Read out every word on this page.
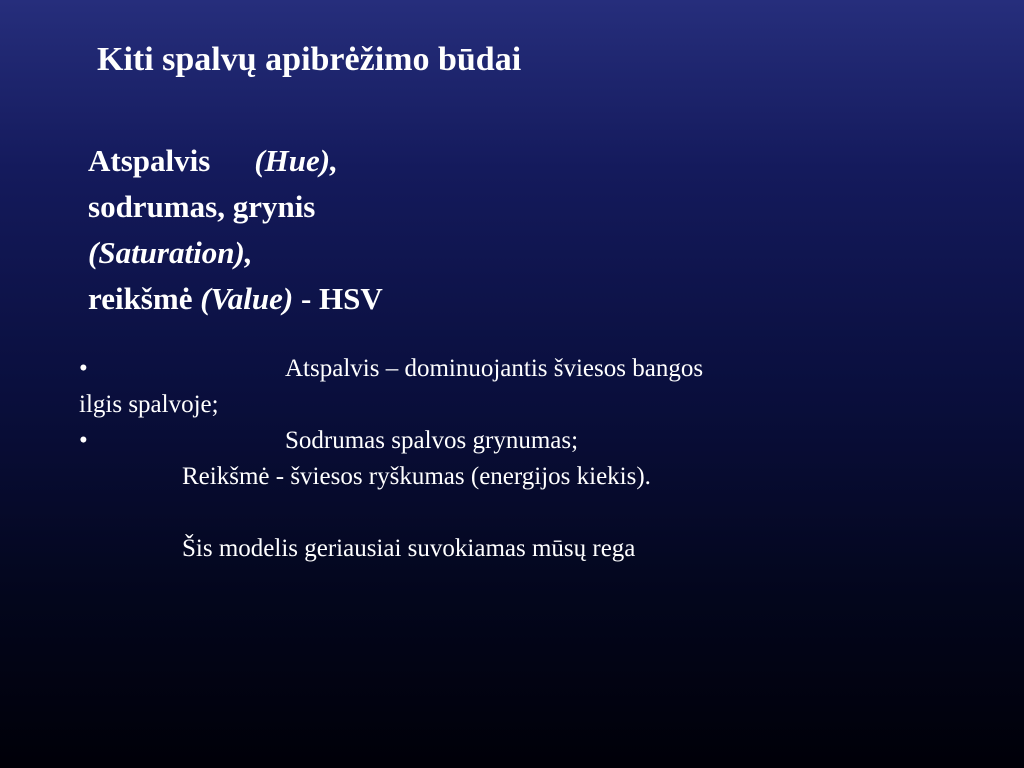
Kiti spalvų apibrėžimo būdai
Atspalvis (Hue),
sodrumas, grynis
(Saturation),
reikšmė (Value) - HSV
•	Atspalvis – dominuojantis šviesos bangos
ilgis spalvoje;
•	Sodrumas spalvos grynumas;
Reikšmė - šviesos ryškumas (energijos kiekis).
Šis modelis geriausiai suvokiamas mūsų rega
